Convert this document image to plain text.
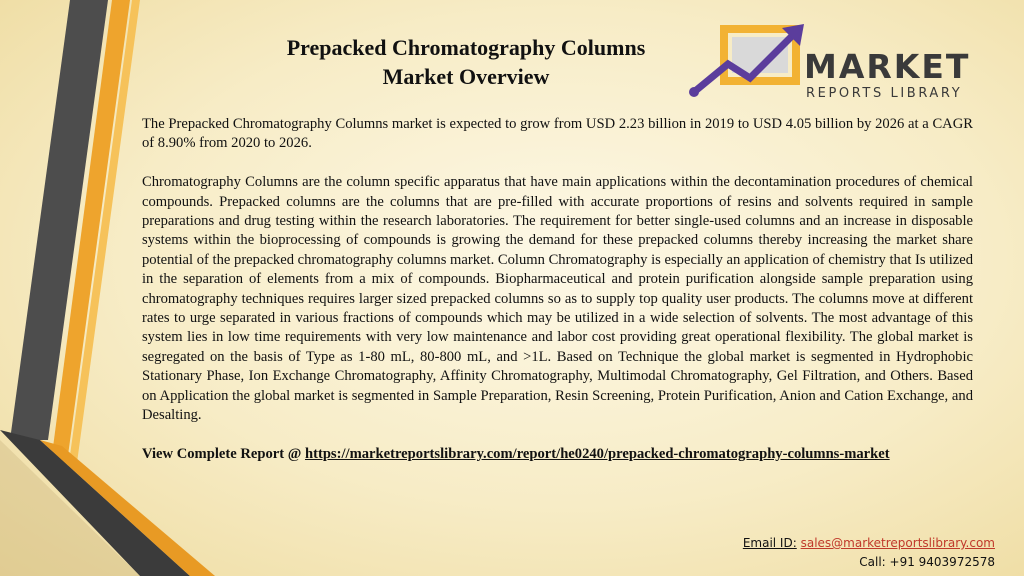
Prepacked Chromatography Columns
Market Overview	MARKET
REPORTS LIBRARY

The Prepacked Chromatography Columns market is expected to grow from USD 2.23 billion in 2019 to USD 4.05 billion by 2026 at a CAGR of 8.90% from 2020 to 2026.

Chromatography Columns are the column specific apparatus that have main applications within the decontamination procedures of chemical compounds. Prepacked columns are the columns that are pre-filled with accurate proportions of resins and solvents required in sample preparations and drug testing within the research laboratories. The requirement for better single-used columns and an increase in disposable systems within the bioprocessing of compounds is growing the demand for these prepacked columns thereby increasing the market share potential of the prepacked chromatography columns market. Column Chromatography is especially an application of chemistry that Is utilized in the separation of elements from a mix of compounds. Biopharmaceutical and protein purification alongside sample preparation using chromatography techniques requires larger sized prepacked columns so as to supply top quality user products. The columns move at different rates to urge separated in various fractions of compounds which may be utilized in a wide selection of solvents. The most advantage of this system lies in low time requirements with very low maintenance and labor cost providing great operational flexibility. The global market is segregated on the basis of Type as 1-80 mL, 80-800 mL, and >1L. Based on Technique the global market is segmented in Hydrophobic Stationary Phase, Ion Exchange Chromatography, Affinity Chromatography, Multimodal Chromatography, Gel Filtration, and Others. Based on Application the global market is segmented in Sample Preparation, Resin Screening, Protein Purification, Anion and Cation Exchange, and Desalting.

View Complete Report @ https://marketreportslibrary.com/report/he0240/prepacked-chromatography-columns-market

Email ID: sales@marketreportslibrary.com
Call: +91 9403972578
